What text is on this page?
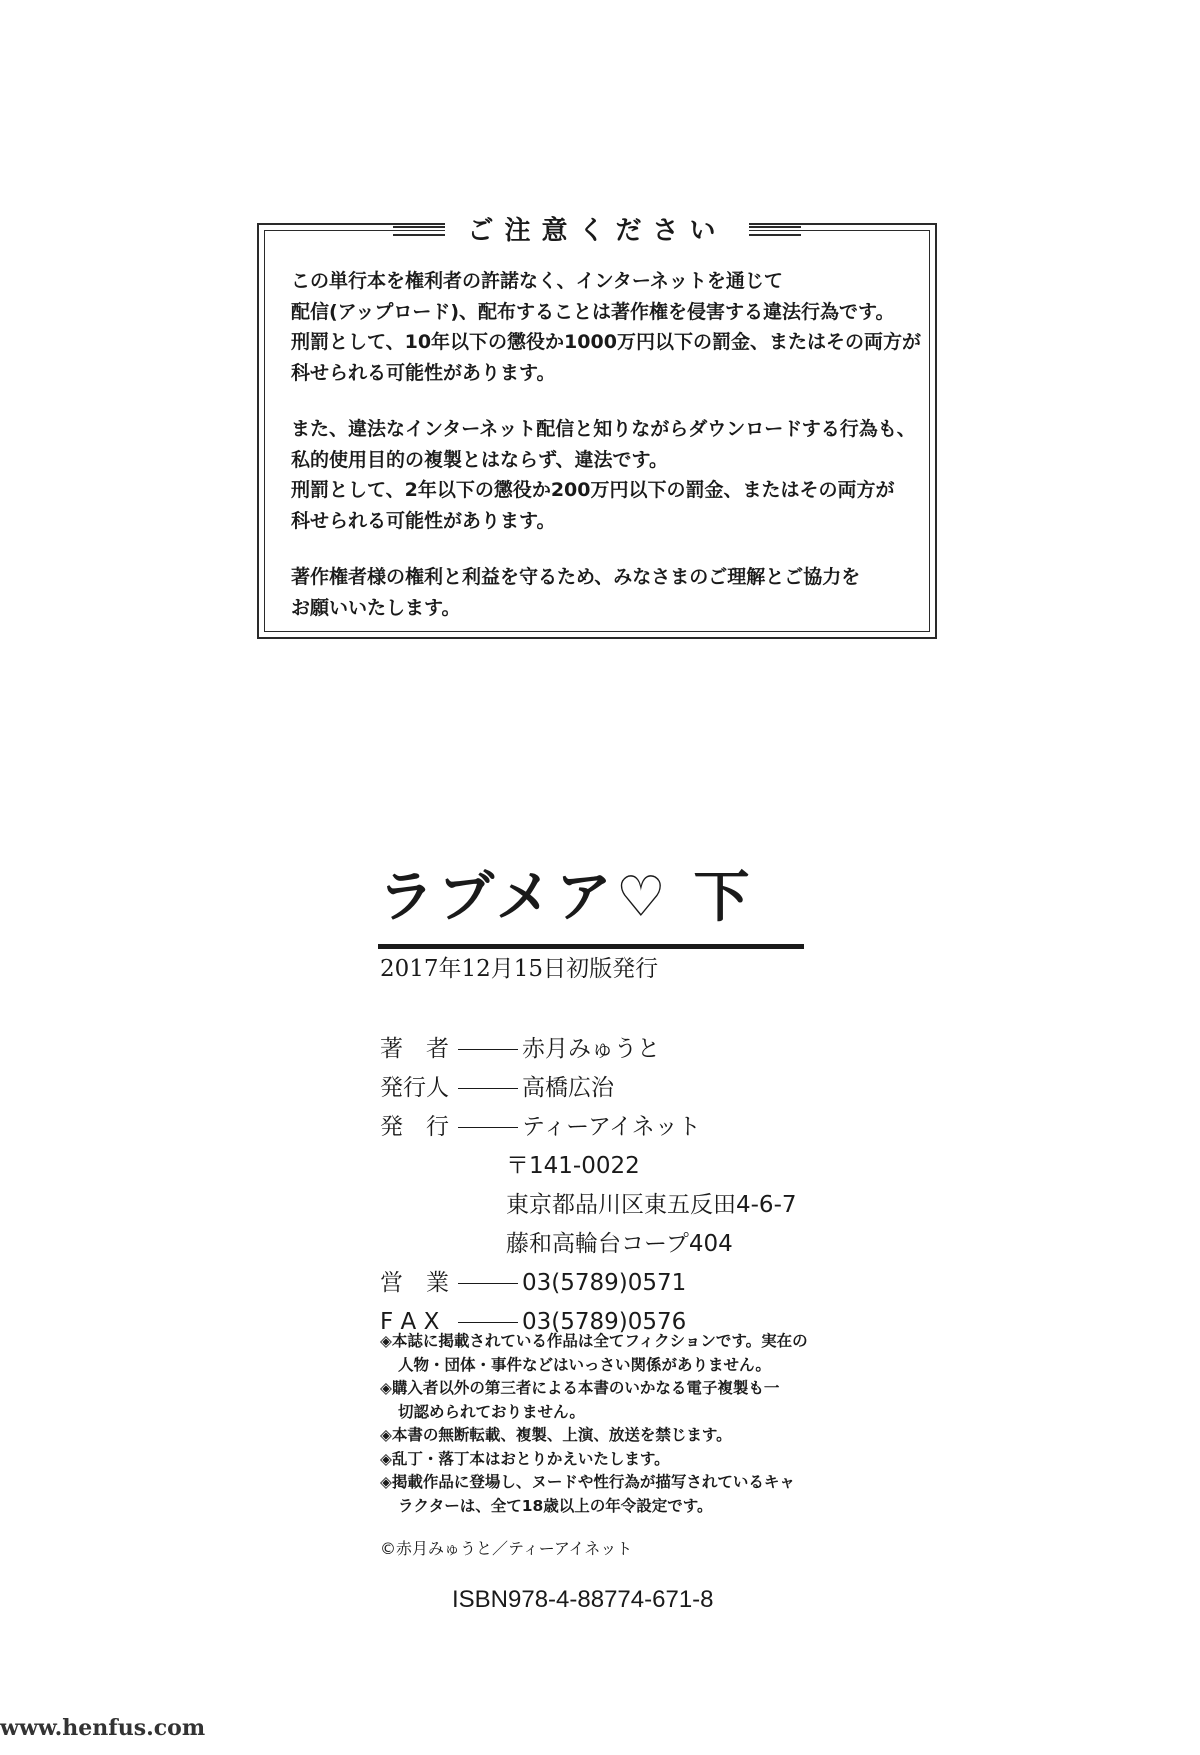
ご注意ください

この単行本を権利者の許諾なく、インターネットを通じて

配信(アップロード)、配布することは著作権を侵害する違法行為です。

刑罰として、10年以下の懲役か1000万円以下の罰金、またはその両方が

科せられる可能性があります。

また、違法なインターネット配信と知りながらダウンロードする行為も、

私的使用目的の複製とはならず、違法です。

刑罰として、2年以下の懲役か200万円以下の罰金、またはその両方が

科せられる可能性があります。

著作権者様の権利と利益を守るため、みなさまのご理解とご協力を

お願いいたします。

ラブメア♡ 下
2017年12月15日初版発行
著　者	赤月みゅうと
発行人	高橋広治
発　行	ティーアイネット
〒141-0022
東京都品川区東五反田4-6-7
藤和高輪台コープ404
営　業	03(5789)0571
F A X	03(5789)0576

◈本誌に掲載されている作品は全てフィクションです。実在の

人物・団体・事件などはいっさい関係がありません。

◈購入者以外の第三者による本書のいかなる電子複製も一

切認められておりません。

◈本書の無断転載、複製、上演、放送を禁じます。

◈乱丁・落丁本はおとりかえいたします。

◈掲載作品に登場し、ヌードや性行為が描写されているキャ

ラクターは、全て18歳以上の年令設定です。

©赤月みゅうと／ティーアイネット
ISBN978-4-88774-671-8
www.henfus.com
